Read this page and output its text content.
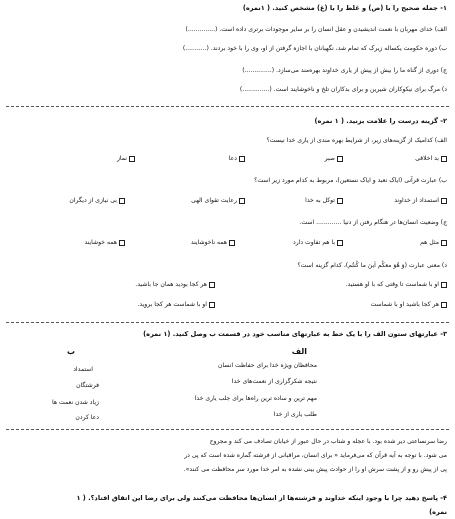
۱- جمله صحیح را با (ص) و غلط را با (غ) مشخص کنید. ( ۱نمره)
الف) خدای مهربان با نعمت اندیشیدن و عقل انسان را بر سایر موجودات برتری داده است. (..............)
ب) دوره حکومت یکساله زیرک که تمام شد، نگهبانان با اجازه گرفتن از او، وی را با خود بردند. (...........)
ج) دوری از گناه ما را بیش از پیش از یاری خداوند بهره‌مند می‌سازد. (..............)
د) مرگ برای نیکوکاران شیرین و برای بدکاران تلخ و ناخوشایند است. (..............)
۲- گزینه درست را علامت بزنید. ( ۱ نمره)
الف) کدامیک از گزینه‌های زیر، از شرایط بهره مندی از یاری خدا نیست؟
بد اخلاقی
صبر
دعا
نماز
ب) عبارت قرآنی (ایاک نعبد و ایاک نستعین)، مربوط به کدام مورد زیر است؟
استمداد از خداوند
توکل به خدا
رعایت تقوای الهی
بی نیازی از دیگران
ج) وضعیت انسان‌ها در هنگام رفتن از دنیا ............. است.
مثل هم
با هم تفاوت دارد
همه ناخوشایند
همه خوشایند
د) معنی عبارت (وَ هُوَ معکُم اَینَ ما کُنتُم)، کدام گزینه است؟
او با شماست تا وقتی که با او هستید.
هر کجا بودید همان جا باشید.
هر کجا باشید او با شماست
او با شماست هر کجا بروید.
۳- عبارتهای ستون الف را با یک خط به عبارتهای مناسب خود در قسمت ب وصل کنید. (۱ نمره)
الف
ب
محافظان ویژه خدا برای حفاظت انسان
نتیجه شکرگزاری از نعمت‌های خدا
مهم ترین و ساده ترین راه‌ها برای جلب یاری خدا
طلب یاری از خدا
استمداد
فرشتگان
زیاد شدن نعمت ها
دعا کردن
رضا سرنساعتی دیر شده بود. با عجله و شتاب در حال عبور از خیابان تصادف می کند و مجروح
می شود. با توجه به آیه قرآن که می‌فرماید « برای انسان، مراقبانی از فرشته گماره شده است که پی در
پی از پیش رو و از پشت سرش او را از حوادث پیش بینی نشده به امر خدا مورد سر محافظت می کنند».
۴- پاسخ دهید چرا با وجود اینکه خداوند و فرشته‌ها از انسان‌ها محافظت می‌کنند ولی برای رضا این اتفاق افتاد؟. ( ۱
نمره)
